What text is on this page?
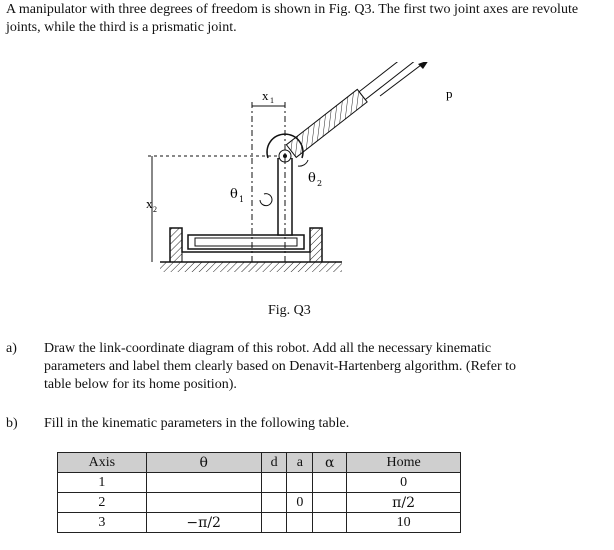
A manipulator with three degrees of freedom is shown in Fig. Q3. The first two joint axes are revolute joints, while the third is a prismatic joint.
x 1
x 2
θ 1
θ 2
p
Fig. Q3
a) Draw the link-coordinate diagram of this robot. Add all the necessary kinematic
parameters and label them clearly based on Denavit-Hartenberg algorithm. (Refer to
table below for its home position).
b) Fill in the kinematic parameters in the following table.
Axis	θ	d	a	α	Home
1					0
2			0		π/2
3	−π/2				10
